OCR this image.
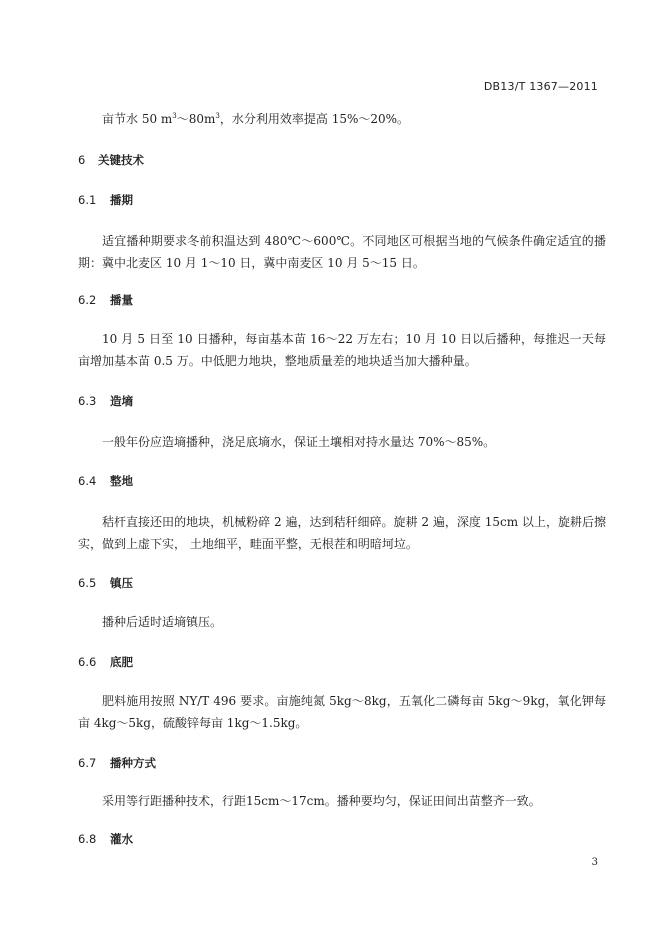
DB13/T 1367—2011

亩节水 50 $m^3\sim 80m^3$，水分利用效率提高 15%～20%。

6 关键技术
6.1 播期

适宜播种期要求冬前积温达到 480℃～600℃。不同地区可根据当地的气候条件确定适宜的播期：冀中北麦区 10 月 1～10 日，冀中南麦区 10 月 5～15 日。

6.2 播量

10 月 5 日至 10 日播种，每亩基本苗 16～22 万左右；10 月 10 日以后播种，每推迟一天每亩增加基本苗 0.5 万。中低肥力地块，整地质量差的地块适当加大播种量。

6.3 造墒

一般年份应造墒播种，浇足底墒水，保证土壤相对持水量达 70%～85%。

6.4 整地

秸杆直接还田的地块，机械粉碎 2 遍，达到秸秆细碎。旋耕 2 遍，深度 15cm 以上，旋耕后擦实，做到上虚下实， 土地细平，畦面平整，无根茬和明暗坷垃。

6.5 镇压

播种后适时适墒镇压。

6.6 底肥

肥料施用按照 NY/T 496 要求。亩施纯氮 5kg～8kg，五氧化二磷每亩 5kg～9kg，氧化钾每亩 4kg～5kg，硫酸锌每亩 1kg～1.5kg。

6.7 播种方式

采用等行距播种技术，行距15cm～17cm。播种要均匀，保证田间出苗整齐一致。

6.8 灌水
3
